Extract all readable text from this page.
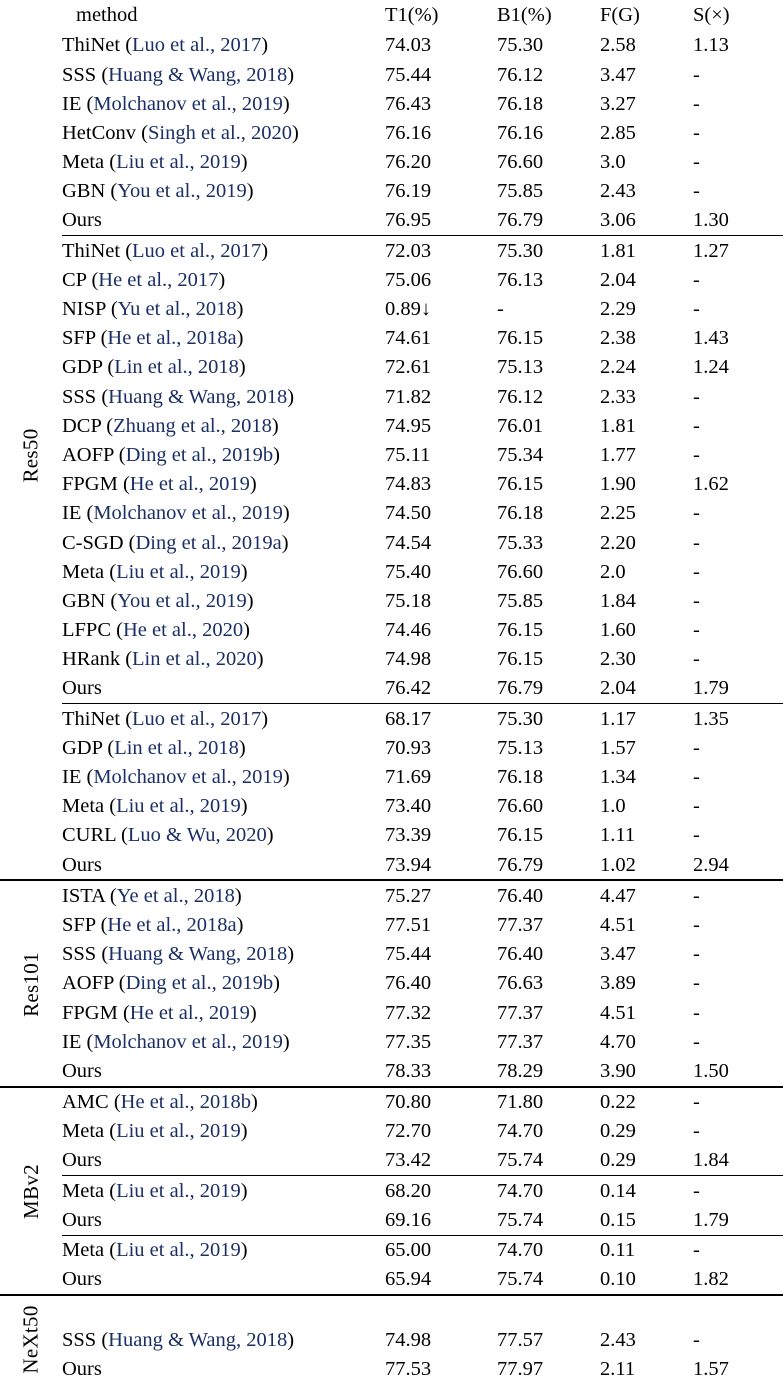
	method	T1(%)	B1(%)	F(G)	S(×)
	ThiNet (Luo et al., 2017)	74.03	75.30	2.58	1.13
	SSS (Huang & Wang, 2018)	75.44	76.12	3.47	-
	IE (Molchanov et al., 2019)	76.43	76.18	3.27	-
	HetConv (Singh et al., 2020)	76.16	76.16	2.85	-
	Meta (Liu et al., 2019)	76.20	76.60	3.0	-
	GBN (You et al., 2019)	76.19	75.85	2.43	-
	Ours	76.95	76.79	3.06	1.30

	ThiNet (Luo et al., 2017)	72.03	75.30	1.81	1.27
	CP (He et al., 2017)	75.06	76.13	2.04	-
	NISP (Yu et al., 2018)	0.89↓	-	2.29	-
	SFP (He et al., 2018a)	74.61	76.15	2.38	1.43
	GDP (Lin et al., 2018)	72.61	75.13	2.24	1.24
	SSS (Huang & Wang, 2018)	71.82	76.12	2.33	-
	DCP (Zhuang et al., 2018)	74.95	76.01	1.81	-
	AOFP (Ding et al., 2019b)	75.11	75.34	1.77	-
	FPGM (He et al., 2019)	74.83	76.15	1.90	1.62
	IE (Molchanov et al., 2019)	74.50	76.18	2.25	-
	C-SGD (Ding et al., 2019a)	74.54	75.33	2.20	-
	Meta (Liu et al., 2019)	75.40	76.60	2.0	-
	GBN (You et al., 2019)	75.18	75.85	1.84	-
	LFPC (He et al., 2020)	74.46	76.15	1.60	-
	HRank (Lin et al., 2020)	74.98	76.15	2.30	-
	Ours	76.42	76.79	2.04	1.79

	ThiNet (Luo et al., 2017)	68.17	75.30	1.17	1.35
	GDP (Lin et al., 2018)	70.93	75.13	1.57	-
	IE (Molchanov et al., 2019)	71.69	76.18	1.34	-
	Meta (Liu et al., 2019)	73.40	76.60	1.0	-
	CURL (Luo & Wu, 2020)	73.39	76.15	1.11	-
	Ours	73.94	76.79	1.02	2.94

	ISTA (Ye et al., 2018)	75.27	76.40	4.47	-
	SFP (He et al., 2018a)	77.51	77.37	4.51	-
	SSS (Huang & Wang, 2018)	75.44	76.40	3.47	-
	AOFP (Ding et al., 2019b)	76.40	76.63	3.89	-
	FPGM (He et al., 2019)	77.32	77.37	4.51	-
	IE (Molchanov et al., 2019)	77.35	77.37	4.70	-
	Ours	78.33	78.29	3.90	1.50

	AMC (He et al., 2018b)	70.80	71.80	0.22	-
	Meta (Liu et al., 2019)	72.70	74.70	0.29	-
	Ours	73.42	75.74	0.29	1.84

	Meta (Liu et al., 2019)	68.20	74.70	0.14	-
	Ours	69.16	75.74	0.15	1.79

	Meta (Liu et al., 2019)	65.00	74.70	0.11	-
	Ours	65.94	75.74	0.10	1.82

	SSS (Huang & Wang, 2018)	74.98	77.57	2.43	-
	Ours	77.53	77.97	2.11	1.57
Res50
Res101
MBv2
NeXt50
